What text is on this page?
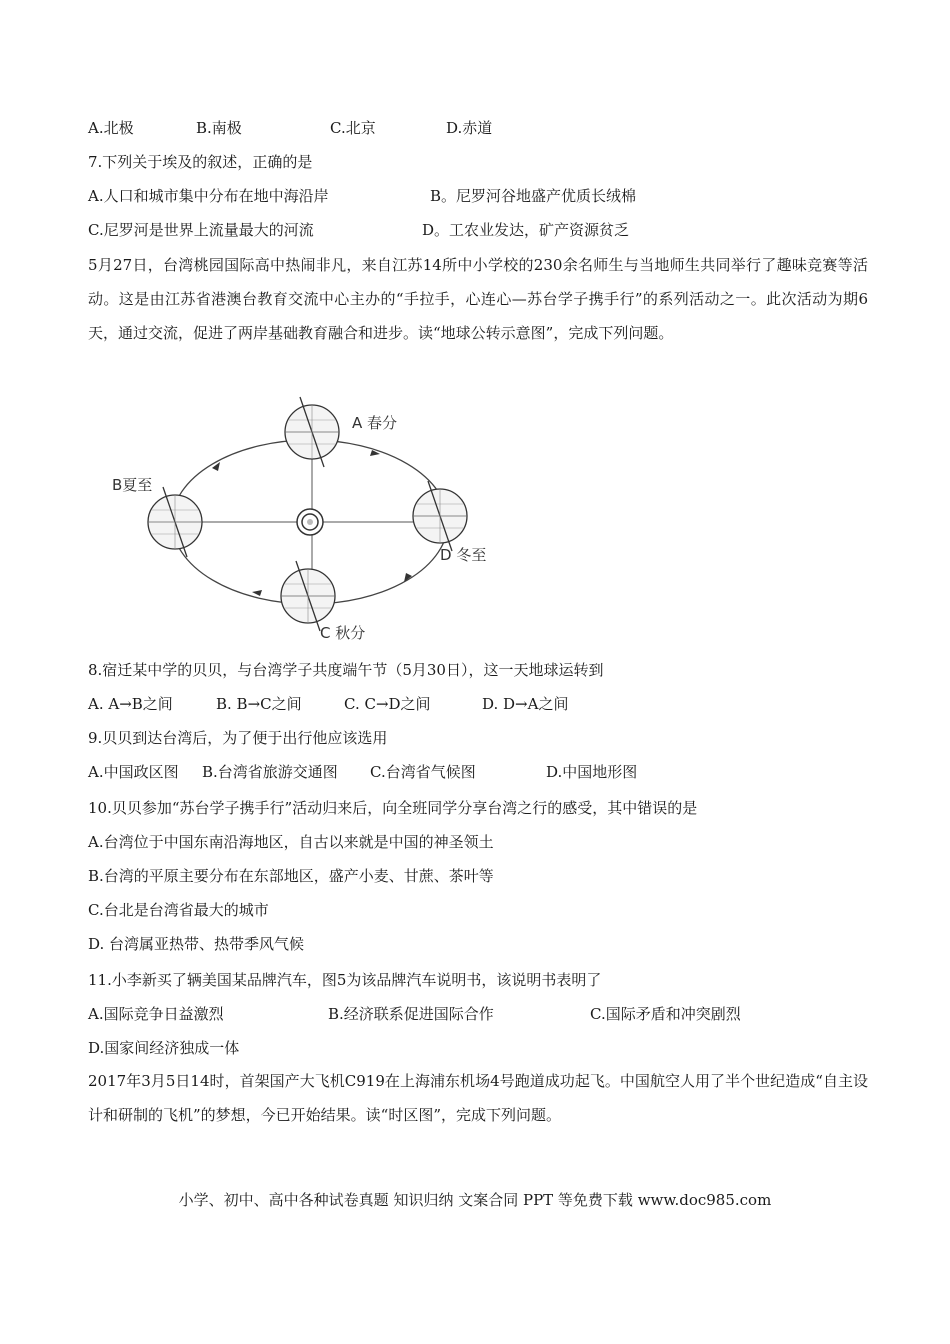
A.北极	B.南极	C.北京	D.赤道
7.下列关于埃及的叙述，正确的是
A.人口和城市集中分布在地中海沿岸	B。尼罗河谷地盛产优质长绒棉
C.尼罗河是世界上流量最大的河流	D。工农业发达，矿产资源贫乏
5月27日，台湾桃园国际高中热闹非凡，来自江苏14所中小学校的230余名师生与当地师生共同举行了趣味竞赛等活动。这是由江苏省港澳台教育交流中心主办的“手拉手，心连心—苏台学子携手行”的系列活动之一。此次活动为期6天，通过交流，促进了两岸基础教育融合和进步。读“地球公转示意图”，完成下列问题。
A 春分
B夏至
C 秋分
D 冬至
8.宿迁某中学的贝贝，与台湾学子共度端午节（5月30日），这一天地球运转到
A. A→B之间	B. B→C之间	C. C→D之间	D. D→A之间
9.贝贝到达台湾后，为了便于出行他应该选用
A.中国政区图 B.台湾省旅游交通图 C.台湾省气候图	D.中国地形图
10.贝贝参加“苏台学子携手行”活动归来后，向全班同学分享台湾之行的感受，其中错误的是
A.台湾位于中国东南沿海地区，自古以来就是中国的神圣领土
B.台湾的平原主要分布在东部地区，盛产小麦、甘蔗、茶叶等
C.台北是台湾省最大的城市
D. 台湾属亚热带、热带季风气候
11.小李新买了辆美国某品牌汽车，图5为该品牌汽车说明书，该说明书表明了
A.国际竞争日益激烈	B.经济联系促进国际合作	C.国际矛盾和冲突剧烈
D.国家间经济独成一体
2017年3月5日14时，首架国产大飞机C919在上海浦东机场4号跑道成功起飞。中国航空人用了半个世纪造成“自主设计和研制的飞机”的梦想，今已开始结果。读“时区图”，完成下列问题。
小学、初中、高中各种试卷真题 知识归纳 文案合同 PPT 等免费下载 www.doc985.com
